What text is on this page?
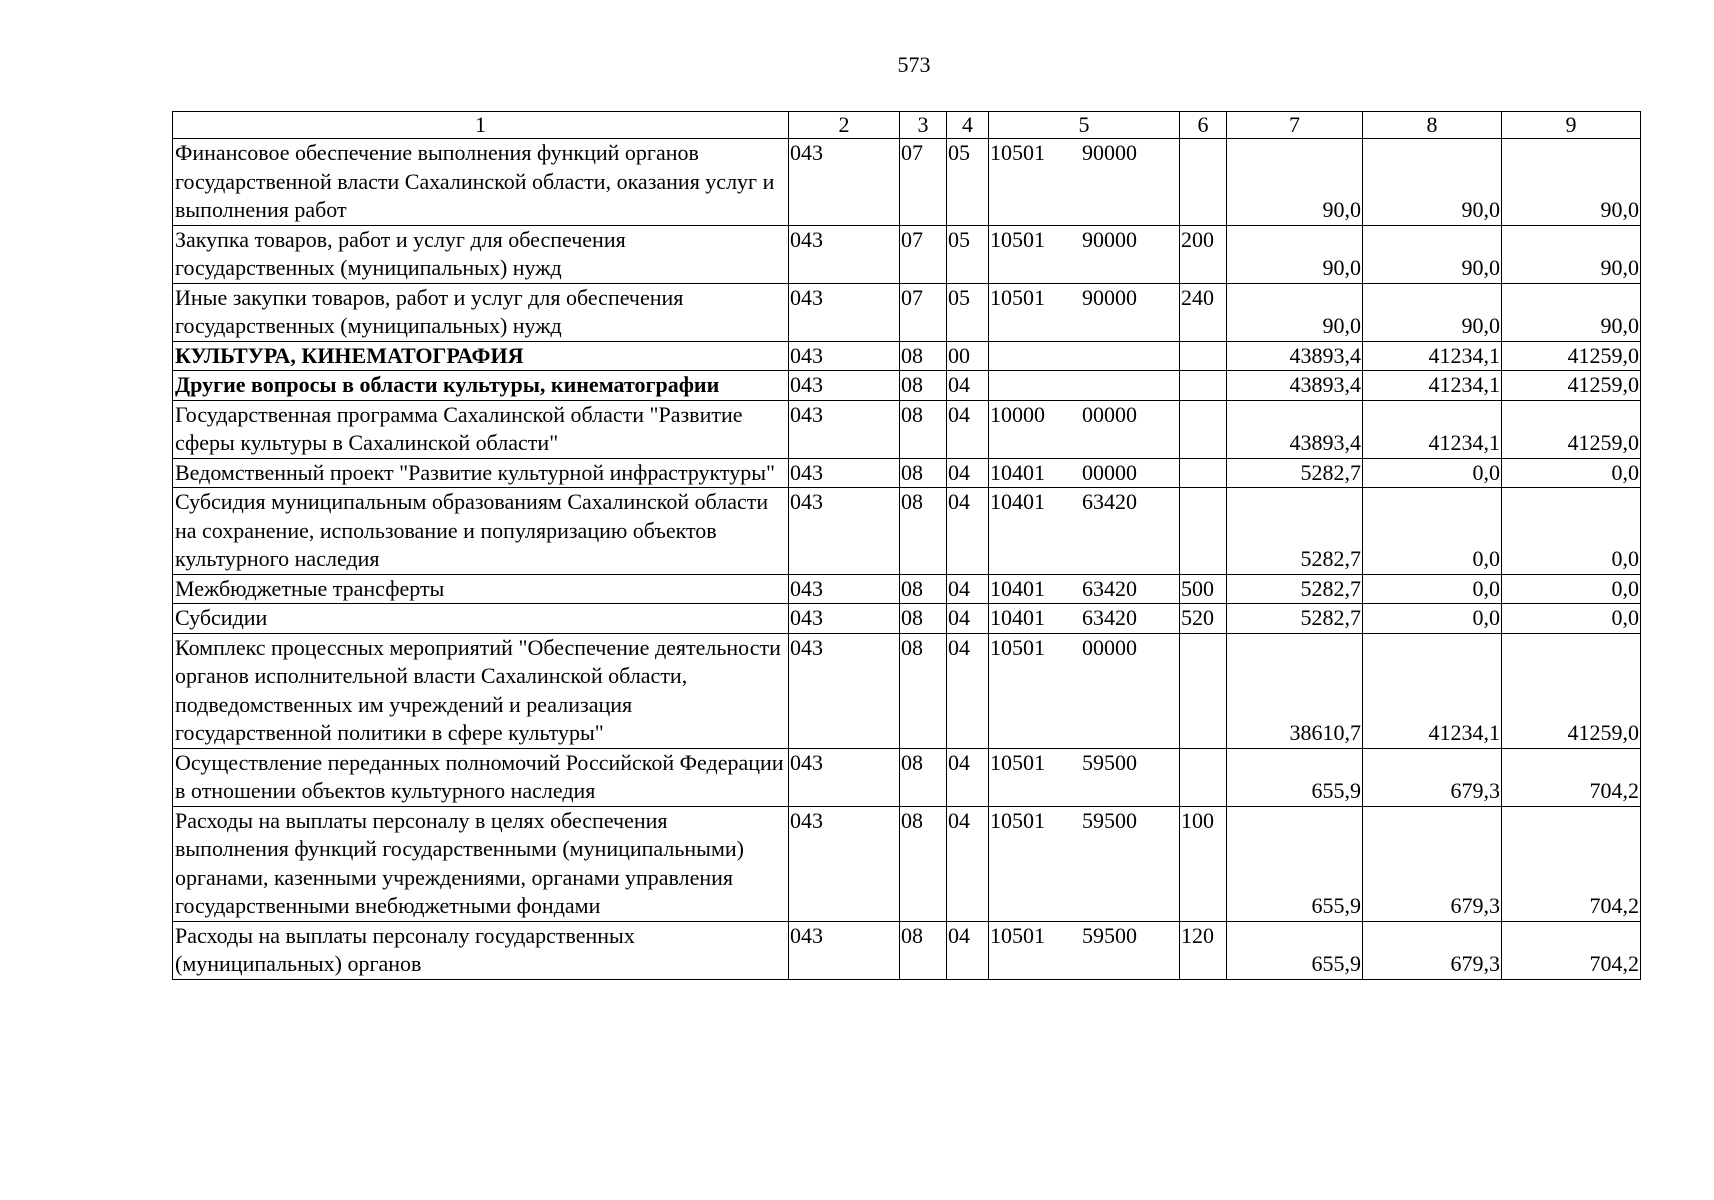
573
1	2	3	4	5	6	7	8	9
Финансовое обеспечение выполнения функций органов государственной власти Сахалинской области, оказания услуг и выполнения работ	043	07	05	10501 90000		90,0	90,0	90,0
Закупка товаров, работ и услуг для обеспечения государственных (муниципальных) нужд	043	07	05	10501 90000	200	90,0	90,0	90,0
Иные закупки товаров, работ и услуг для обеспечения государственных (муниципальных) нужд	043	07	05	10501 90000	240	90,0	90,0	90,0
КУЛЬТУРА, КИНЕМАТОГРАФИЯ	043	08	00			43893,4	41234,1	41259,0
Другие вопросы в области культуры, кинематографии	043	08	04			43893,4	41234,1	41259,0
Государственная программа Сахалинской области "Развитие сферы культуры в Сахалинской области"	043	08	04	10000 00000		43893,4	41234,1	41259,0
Ведомственный проект "Развитие культурной инфраструктуры"	043	08	04	10401 00000		5282,7	0,0	0,0
Субсидия муниципальным образованиям Сахалинской области на сохранение, использование и популяризацию объектов культурного наследия	043	08	04	10401 63420		5282,7	0,0	0,0
Межбюджетные трансферты	043	08	04	10401 63420	500	5282,7	0,0	0,0
Субсидии	043	08	04	10401 63420	520	5282,7	0,0	0,0
Комплекс процессных мероприятий "Обеспечение деятельности органов исполнительной власти Сахалинской области, подведомственных им учреждений и реализация государственной политики в сфере культуры"	043	08	04	10501 00000		38610,7	41234,1	41259,0
Осуществление переданных полномочий Российской Федерации в отношении объектов культурного наследия	043	08	04	10501 59500		655,9	679,3	704,2
Расходы на выплаты персоналу в целях обеспечения выполнения функций государственными (муниципальными) органами, казенными учреждениями, органами управления государственными внебюджетными фондами	043	08	04	10501 59500	100	655,9	679,3	704,2
Расходы на выплаты персоналу государственных (муниципальных) органов	043	08	04	10501 59500	120	655,9	679,3	704,2
